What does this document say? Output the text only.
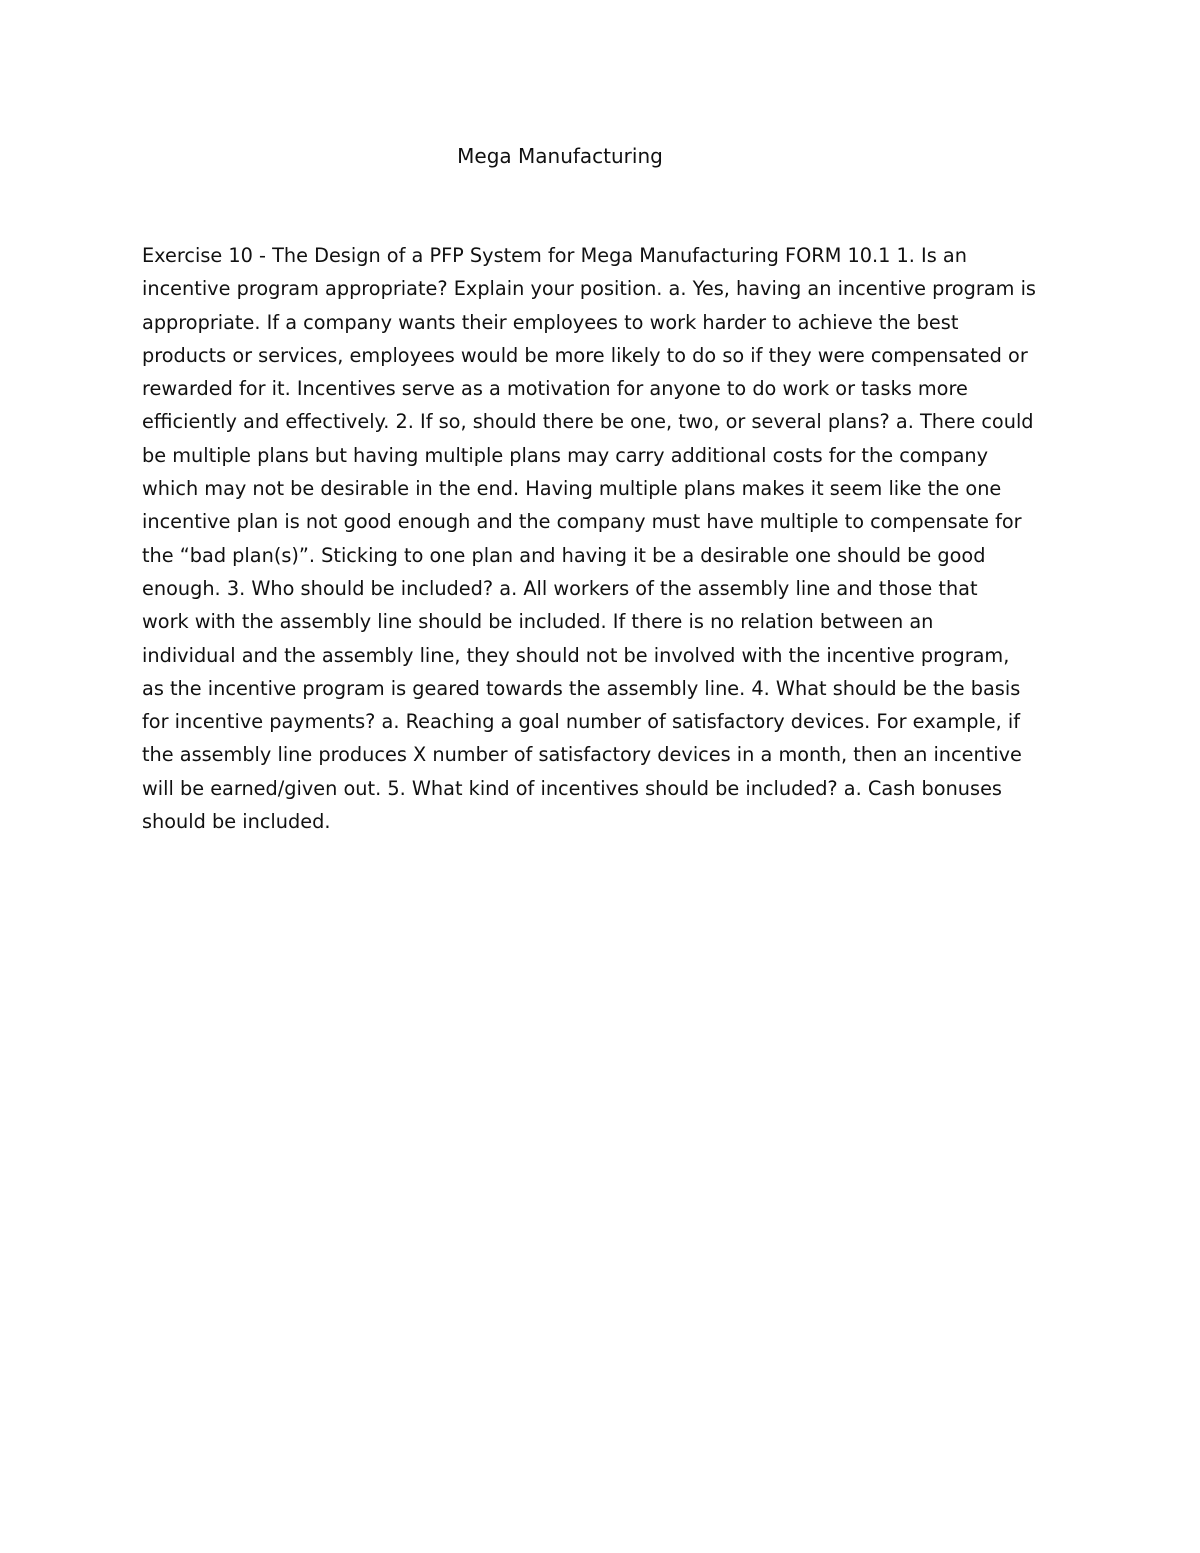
Mega Manufacturing

Exercise 10 - The Design of a PFP System for Mega Manufacturing FORM 10.1 1. Is an
incentive program appropriate? Explain your position. a. Yes, having an incentive program is
appropriate. If a company wants their employees to work harder to achieve the best
products or services, employees would be more likely to do so if they were compensated or
rewarded for it. Incentives serve as a motivation for anyone to do work or tasks more
efficiently and effectively. 2. If so, should there be one, two, or several plans? a. There could
be multiple plans but having multiple plans may carry additional costs for the company
which may not be desirable in the end. Having multiple plans makes it seem like the one
incentive plan is not good enough and the company must have multiple to compensate for
the “bad plan(s)”. Sticking to one plan and having it be a desirable one should be good
enough. 3. Who should be included? a. All workers of the assembly line and those that
work with the assembly line should be included. If there is no relation between an
individual and the assembly line, they should not be involved with the incentive program,
as the incentive program is geared towards the assembly line. 4. What should be the basis
for incentive payments? a. Reaching a goal number of satisfactory devices. For example, if
the assembly line produces X number of satisfactory devices in a month, then an incentive
will be earned/given out. 5. What kind of incentives should be included? a. Cash bonuses
should be included.
